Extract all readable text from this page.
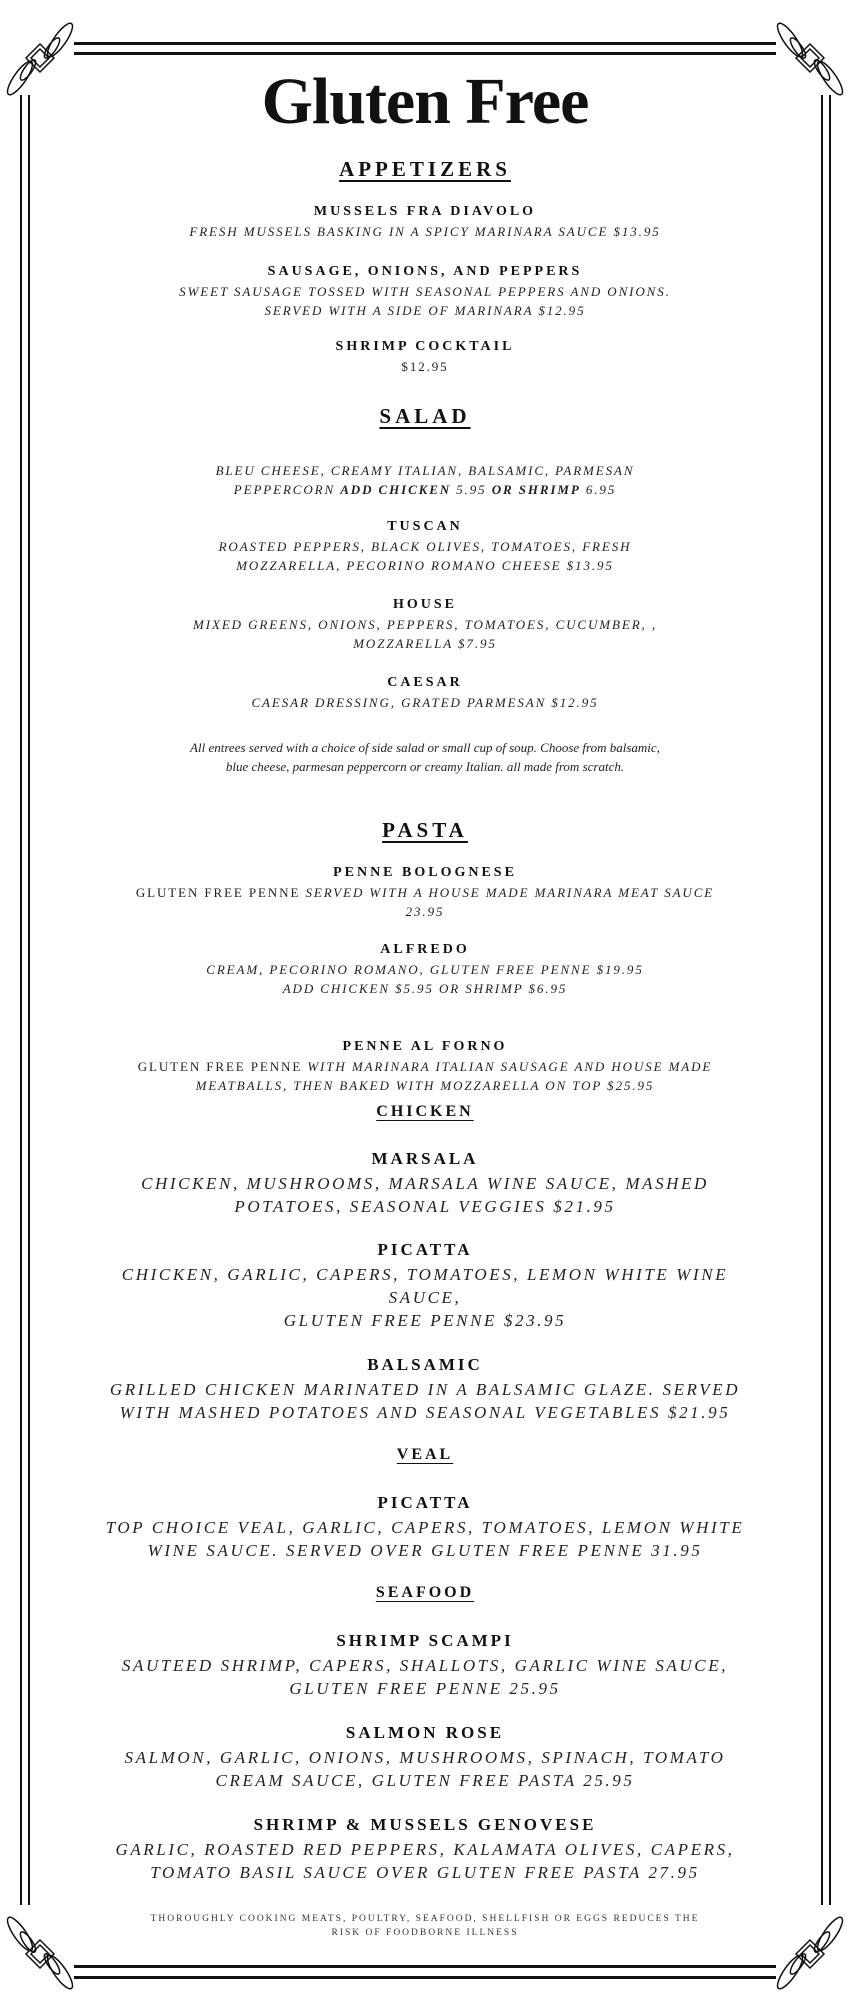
Gluten Free
APPETIZERS
MUSSELS FRA DIAVOLO
FRESH MUSSELS BASKING IN A SPICY MARINARA SAUCE $13.95
SAUSAGE, ONIONS, AND PEPPERS
SWEET SAUSAGE TOSSED WITH SEASONAL PEPPERS AND ONIONS.
SERVED WITH A SIDE OF MARINARA $12.95
SHRIMP COCKTAIL
$12.95
SALAD
BLEU CHEESE, CREAMY ITALIAN, BALSAMIC, PARMESAN
PEPPERCORN ADD CHICKEN 5.95 OR SHRIMP 6.95
TUSCAN
ROASTED PEPPERS, BLACK OLIVES, TOMATOES, FRESH
MOZZARELLA, PECORINO ROMANO CHEESE $13.95
HOUSE
MIXED GREENS, ONIONS, PEPPERS, TOMATOES, CUCUMBER, ,
MOZZARELLA $7.95
CAESAR
CAESAR DRESSING, GRATED PARMESAN $12.95
PASTA
PENNE BOLOGNESE
GLUTEN FREE PENNE SERVED WITH A HOUSE MADE MARINARA MEAT SAUCE
23.95
ALFREDO
CREAM, PECORINO ROMANO, GLUTEN FREE PENNE $19.95
ADD CHICKEN $5.95 OR SHRIMP $6.95
PENNE AL FORNO
GLUTEN FREE PENNE WITH MARINARA ITALIAN SAUSAGE AND HOUSE MADE
MEATBALLS, THEN BAKED WITH MOZZARELLA ON TOP $25.95
CHICKEN
MARSALA
CHICKEN, MUSHROOMS, MARSALA WINE SAUCE, MASHED
POTATOES, SEASONAL VEGGIES $21.95
PICATTA
CHICKEN, GARLIC, CAPERS, TOMATOES, LEMON WHITE WINE
SAUCE,
GLUTEN FREE PENNE $23.95
BALSAMIC
GRILLED CHICKEN MARINATED IN A BALSAMIC GLAZE. SERVED
WITH MASHED POTATOES AND SEASONAL VEGETABLES $21.95
VEAL
PICATTA
TOP CHOICE VEAL, GARLIC, CAPERS, TOMATOES, LEMON WHITE
WINE SAUCE. SERVED OVER GLUTEN FREE PENNE 31.95
SEAFOOD
SHRIMP SCAMPI
SAUTEED SHRIMP, CAPERS, SHALLOTS, GARLIC WINE SAUCE,
GLUTEN FREE PENNE 25.95
SALMON ROSE
SALMON, GARLIC, ONIONS, MUSHROOMS, SPINACH, TOMATO
CREAM SAUCE, GLUTEN FREE PASTA 25.95
SHRIMP & MUSSELS GENOVESE
GARLIC, ROASTED RED PEPPERS, KALAMATA OLIVES, CAPERS,
TOMATO BASIL SAUCE OVER GLUTEN FREE PASTA 27.95
All entrees served with a choice of side salad or small cup of soup. Choose from balsamic,
blue cheese, parmesan peppercorn or creamy Italian. all made from scratch.
THOROUGHLY COOKING MEATS, POULTRY, SEAFOOD, SHELLFISH OR EGGS REDUCES THE
RISK OF FOODBORNE ILLNESS
